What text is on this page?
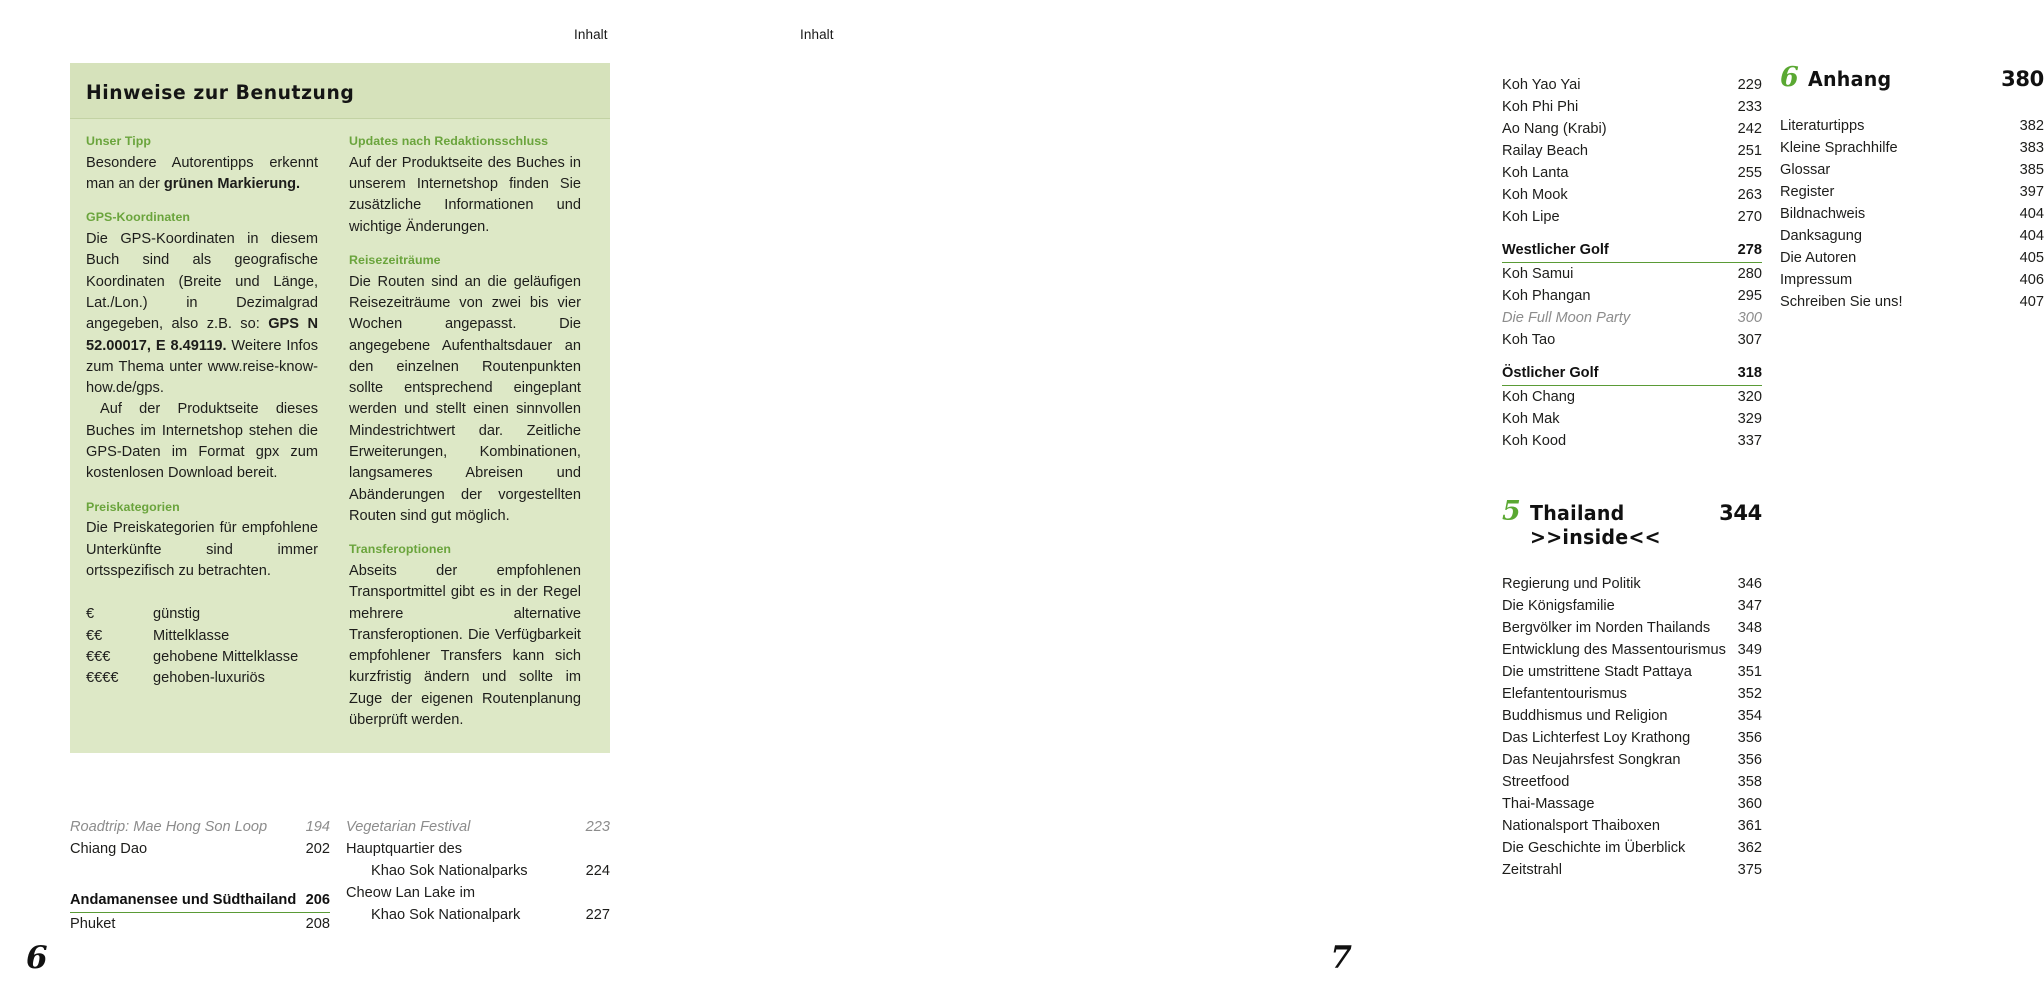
Inhalt
Hinweise zur Benutzung
Unser Tipp

Besondere Autorentipps erkennt man an der grünen Markierung.

GPS-Koordinaten

Die GPS-Koordinaten in diesem Buch sind als geografische Koordinaten (Breite und Länge, Lat./Lon.) in Dezimalgrad angegeben, also z.B. so: GPS N 52.00017, E 8.49119. Weitere Infos zum Thema unter www.reise-know-how.de/gps.

Auf der Produktseite dieses Buches im Internetshop stehen die GPS-Daten im Format gpx zum kostenlosen Download bereit.

Preiskategorien

Die Preiskategorien für empfohlene Unterkünfte sind immer ortsspezifisch zu betrachten.

€	günstig
€€	Mittelklasse
€€€	gehobene Mittelklasse
€€€€	gehoben-luxuriös
Updates nach Redaktionsschluss

Auf der Produktseite des Buches in unserem Internetshop finden Sie zusätzliche Informationen und wichtige Änderungen.

Reisezeiträume

Die Routen sind an die geläufigen Reisezeiträume von zwei bis vier Wochen angepasst. Die angegebene Aufenthaltsdauer an den einzelnen Routenpunkten sollte entsprechend eingeplant werden und stellt einen sinnvollen Mindestrichtwert dar. Zeitliche Erweiterungen, Kombinationen, langsameres Abreisen und Abänderungen der vorgestellten Routen sind gut möglich.

Transferoptionen

Abseits der empfohlenen Transportmittel gibt es in der Regel mehrere alternative Transferoptionen. Die Verfügbarkeit empfohlener Transfers kann sich kurzfristig ändern und sollte im Zuge der eigenen Routenplanung überprüft werden.

Roadtrip: Mae Hong Son Loop	194
Chiang Dao	202
Andamanensee und Südthailand 206
Phuket	208
Vegetarian Festival	223
Hauptquartier des
Khao Sok Nationalparks	224
Cheow Lan Lake im
Khao Sok Nationalpark	227
6
Inhalt
Koh Yao Yai	229
Koh Phi Phi	233
Ao Nang (Krabi)	242
Railay Beach	251
Koh Lanta	255
Koh Mook	263
Koh Lipe	270
Westlicher Golf	278
Koh Samui	280
Koh Phangan	295
Die Full Moon Party	300
Koh Tao	307
Östlicher Golf	318
Koh Chang	320
Koh Mak	329
Koh Kood	337
5 Thailand >>inside<<
344
Regierung und Politik	346
Die Königsfamilie	347
Bergvölker im Norden Thailands	348
Entwicklung des Massentourismus 349
Die umstrittene Stadt Pattaya	351
Elefantentourismus	352
Buddhismus und Religion	354
Das Lichterfest Loy Krathong	356
Das Neujahrsfest Songkran	356
Streetfood	358
Thai-Massage	360
Nationalsport Thaiboxen	361
Die Geschichte im Überblick	362
Zeitstrahl	375
6 Anhang	380
Literaturtipps	382
Kleine Sprachhilfe	383
Glossar	385
Register	397
Bildnachweis	404
Danksagung	404
Die Autoren	405
Impressum	406
Schreiben Sie uns!	407
7
